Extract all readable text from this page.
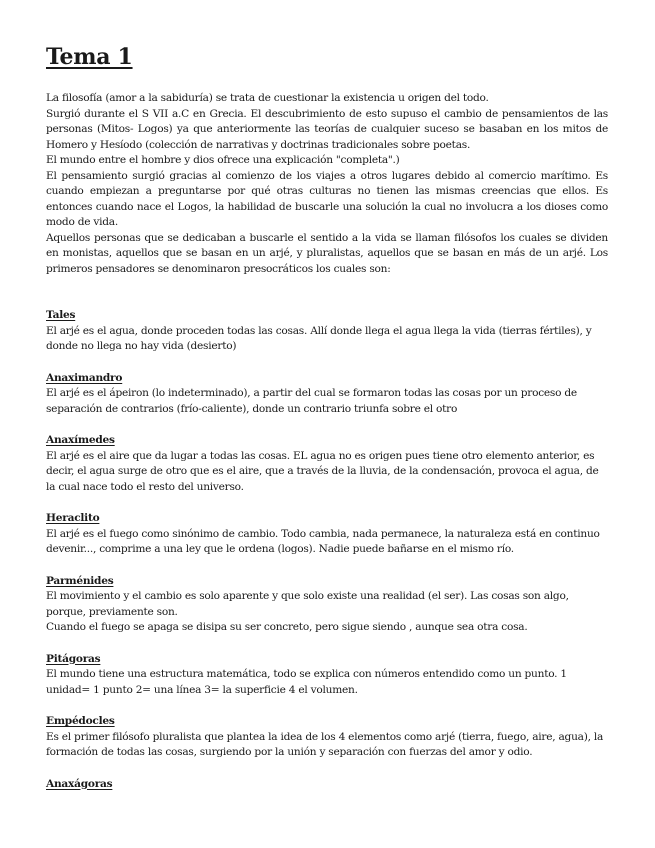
Tema 1

La filosofía (amor a la sabiduría) se trata de cuestionar la existencia u origen del todo.

Surgió durante el S VII a.C en Grecia. El descubrimiento de esto supuso el cambio de pensamientos de las personas (Mitos- Logos) ya que anteriormente las teorías de cualquier suceso se basaban en los mitos de Homero y Hesíodo (colección de narrativas y doctrinas tradicionales sobre poetas.

El mundo entre el hombre y dios ofrece una explicación "completa".)

El pensamiento surgió gracias al comienzo de los viajes a otros lugares debido al comercio marítimo. Es cuando empiezan a preguntarse por qué otras culturas no tienen las mismas creencias que ellos. Es entonces cuando nace el Logos, la habilidad de buscarle una solución la cual no involucra a los dioses como modo de vida.

Aquellos personas que se dedicaban a buscarle el sentido a la vida se llaman filósofos los cuales se dividen en monistas, aquellos que se basan en un arjé, y pluralistas, aquellos que se basan en más de un arjé. Los primeros pensadores se denominaron presocráticos los cuales son:

Tales

El arjé es el agua, donde proceden todas las cosas. Allí donde llega el agua llega la vida (tierras fértiles), y donde no llega no hay vida (desierto)

Anaximandro

El arjé es el ápeiron (lo indeterminado), a partir del cual se formaron todas las cosas por un proceso de separación de contrarios (frío-caliente), donde un contrario triunfa sobre el otro

Anaxímedes

El arjé es el aire que da lugar a todas las cosas. EL agua no es origen pues tiene otro elemento anterior, es decir, el agua surge de otro que es el aire, que a través de la lluvia, de la condensación, provoca el agua, de la cual nace todo el resto del universo.

Heraclito

El arjé es el fuego como sinónimo de cambio. Todo cambia, nada permanece, la naturaleza está en continuo devenir..., comprime a una ley que le ordena (logos). Nadie puede bañarse en el mismo río.

Parménides

El movimiento y el cambio es solo aparente y que solo existe una realidad (el ser). Las cosas son algo, porque, previamente son.

Cuando el fuego se apaga se disipa su ser concreto, pero sigue siendo , aunque sea otra cosa.

Pitágoras

El mundo tiene una estructura matemática, todo se explica con números entendido como un punto. 1 unidad= 1 punto 2= una línea 3= la superficie 4 el volumen.

Empédocles

Es el primer filósofo pluralista que plantea la idea de los 4 elementos como arjé (tierra, fuego, aire, agua), la formación de todas las cosas, surgiendo por la unión y separación con fuerzas del amor y odio.

Anaxágoras
